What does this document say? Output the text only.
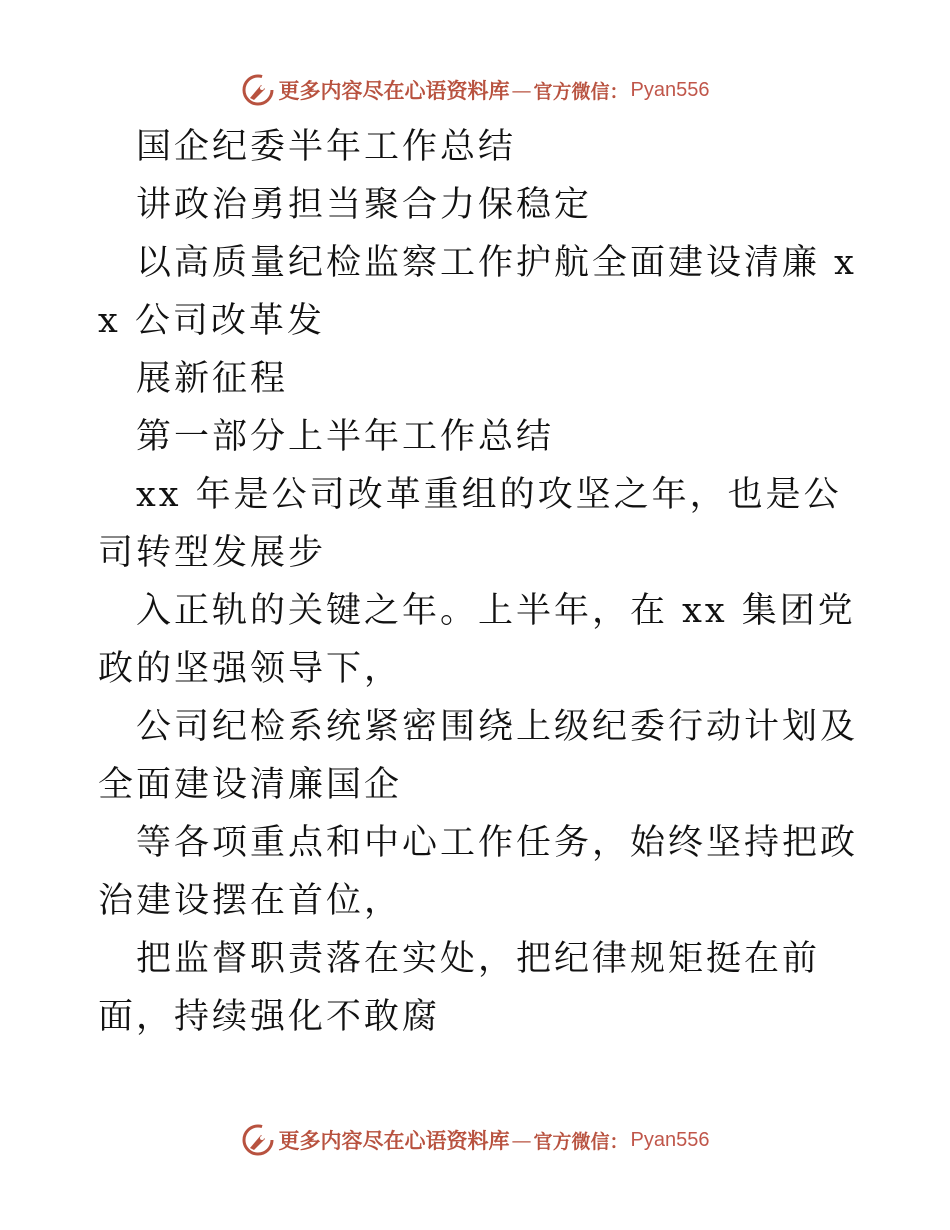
更多内容尽在心语资料库 — 官方微信： Pyan556

国企纪委半年工作总结

讲政治勇担当聚合力保稳定

以高质量纪检监察工作护航全面建设清廉 xx 公司改革发

展新征程

第一部分上半年工作总结

xx 年是公司改革重组的攻坚之年，也是公司转型发展步

入正轨的关键之年。上半年，在 xx 集团党政的坚强领导下，

公司纪检系统紧密围绕上级纪委行动计划及全面建设清廉国企

等各项重点和中心工作任务，始终坚持把政治建设摆在首位，

把监督职责落在实处，把纪律规矩挺在前面，持续强化不敢腐

更多内容尽在心语资料库 — 官方微信： Pyan556
